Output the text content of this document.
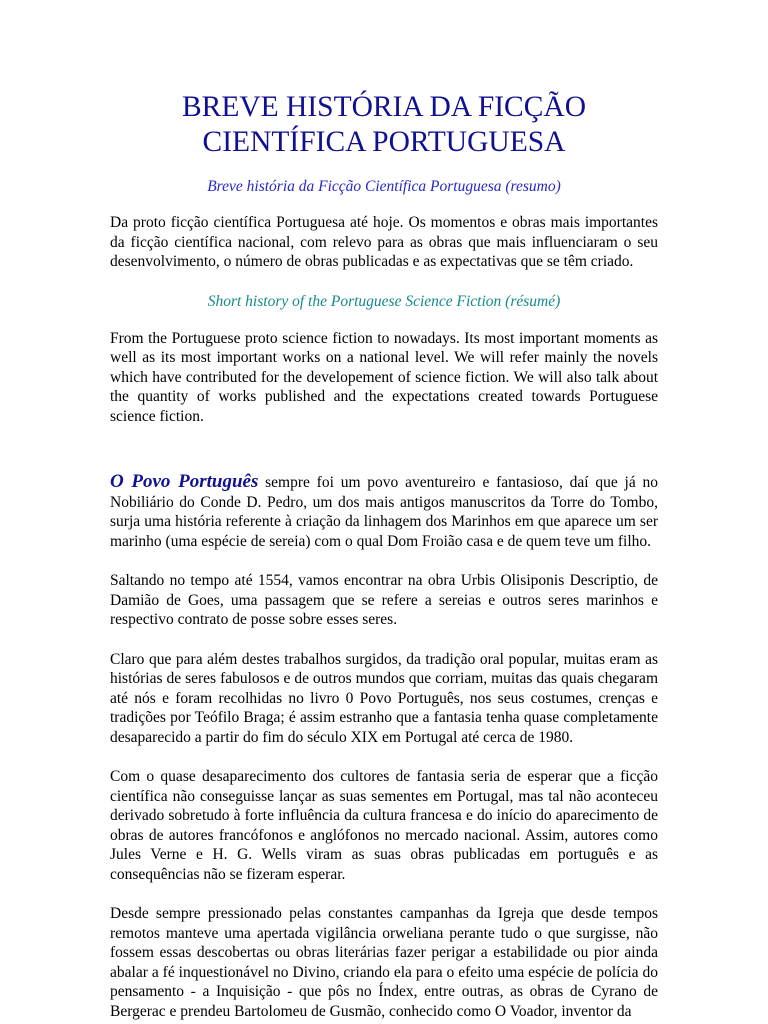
BREVE HISTÓRIA DA FICÇÃO
CIENTÍFICA PORTUGUESA
Breve história da Ficção Científica Portuguesa (resumo)

Da proto ficção científica Portuguesa até hoje. Os momentos e obras mais importantes da ficção científica nacional, com relevo para as obras que mais influenciaram o seu desenvolvimento, o número de obras publicadas e as expectativas que se têm criado.

Short history of the Portuguese Science Fiction (résumé)

From the Portuguese proto science fiction to nowadays. Its most important moments as well as its most important works on a national level. We will refer mainly the novels which have contributed for the developement of science fiction. We will also talk about the quantity of works published and the expectations created towards Portuguese science fiction.

O Povo Português sempre foi um povo aventureiro e fantasioso, daí que já no Nobiliário do Conde D. Pedro, um dos mais antigos manuscritos da Torre do Tombo, surja uma história referente à criação da linhagem dos Marinhos em que aparece um ser marinho (uma espécie de sereia) com o qual Dom Froião casa e de quem teve um filho.

Saltando no tempo até 1554, vamos encontrar na obra Urbis Olisiponis Descriptio, de Damião de Goes, uma passagem que se refere a sereias e outros seres marinhos e respectivo contrato de posse sobre esses seres.

Claro que para além destes trabalhos surgidos, da tradição oral popular, muitas eram as histórias de seres fabulosos e de outros mundos que corriam, muitas das quais chegaram até nós e foram recolhidas no livro 0 Povo Português, nos seus costumes, crenças e tradições por Teófilo Braga; é assim estranho que a fantasia tenha quase completamente desaparecido a partir do fim do século XIX em Portugal até cerca de 1980.

Com o quase desaparecimento dos cultores de fantasia seria de esperar que a ficção científica não conseguisse lançar as suas sementes em Portugal, mas tal não aconteceu derivado sobretudo à forte influência da cultura francesa e do início do aparecimento de obras de autores francófonos e anglófonos no mercado nacional. Assim, autores como Jules Verne e H. G. Wells viram as suas obras publicadas em português e as consequências não se fizeram esperar.

Desde sempre pressionado pelas constantes campanhas da Igreja que desde tempos remotos manteve uma apertada vigilância orweliana perante tudo o que surgisse, não fossem essas descobertas ou obras literárias fazer perigar a estabilidade ou pior ainda abalar a fé inquestionável no Divino, criando ela para o efeito uma espécie de polícia do pensamento - a Inquisição - que pôs no Índex, entre outras, as obras de Cyrano de Bergerac e prendeu Bartolomeu de Gusmão, conhecido como O Voador, inventor da
